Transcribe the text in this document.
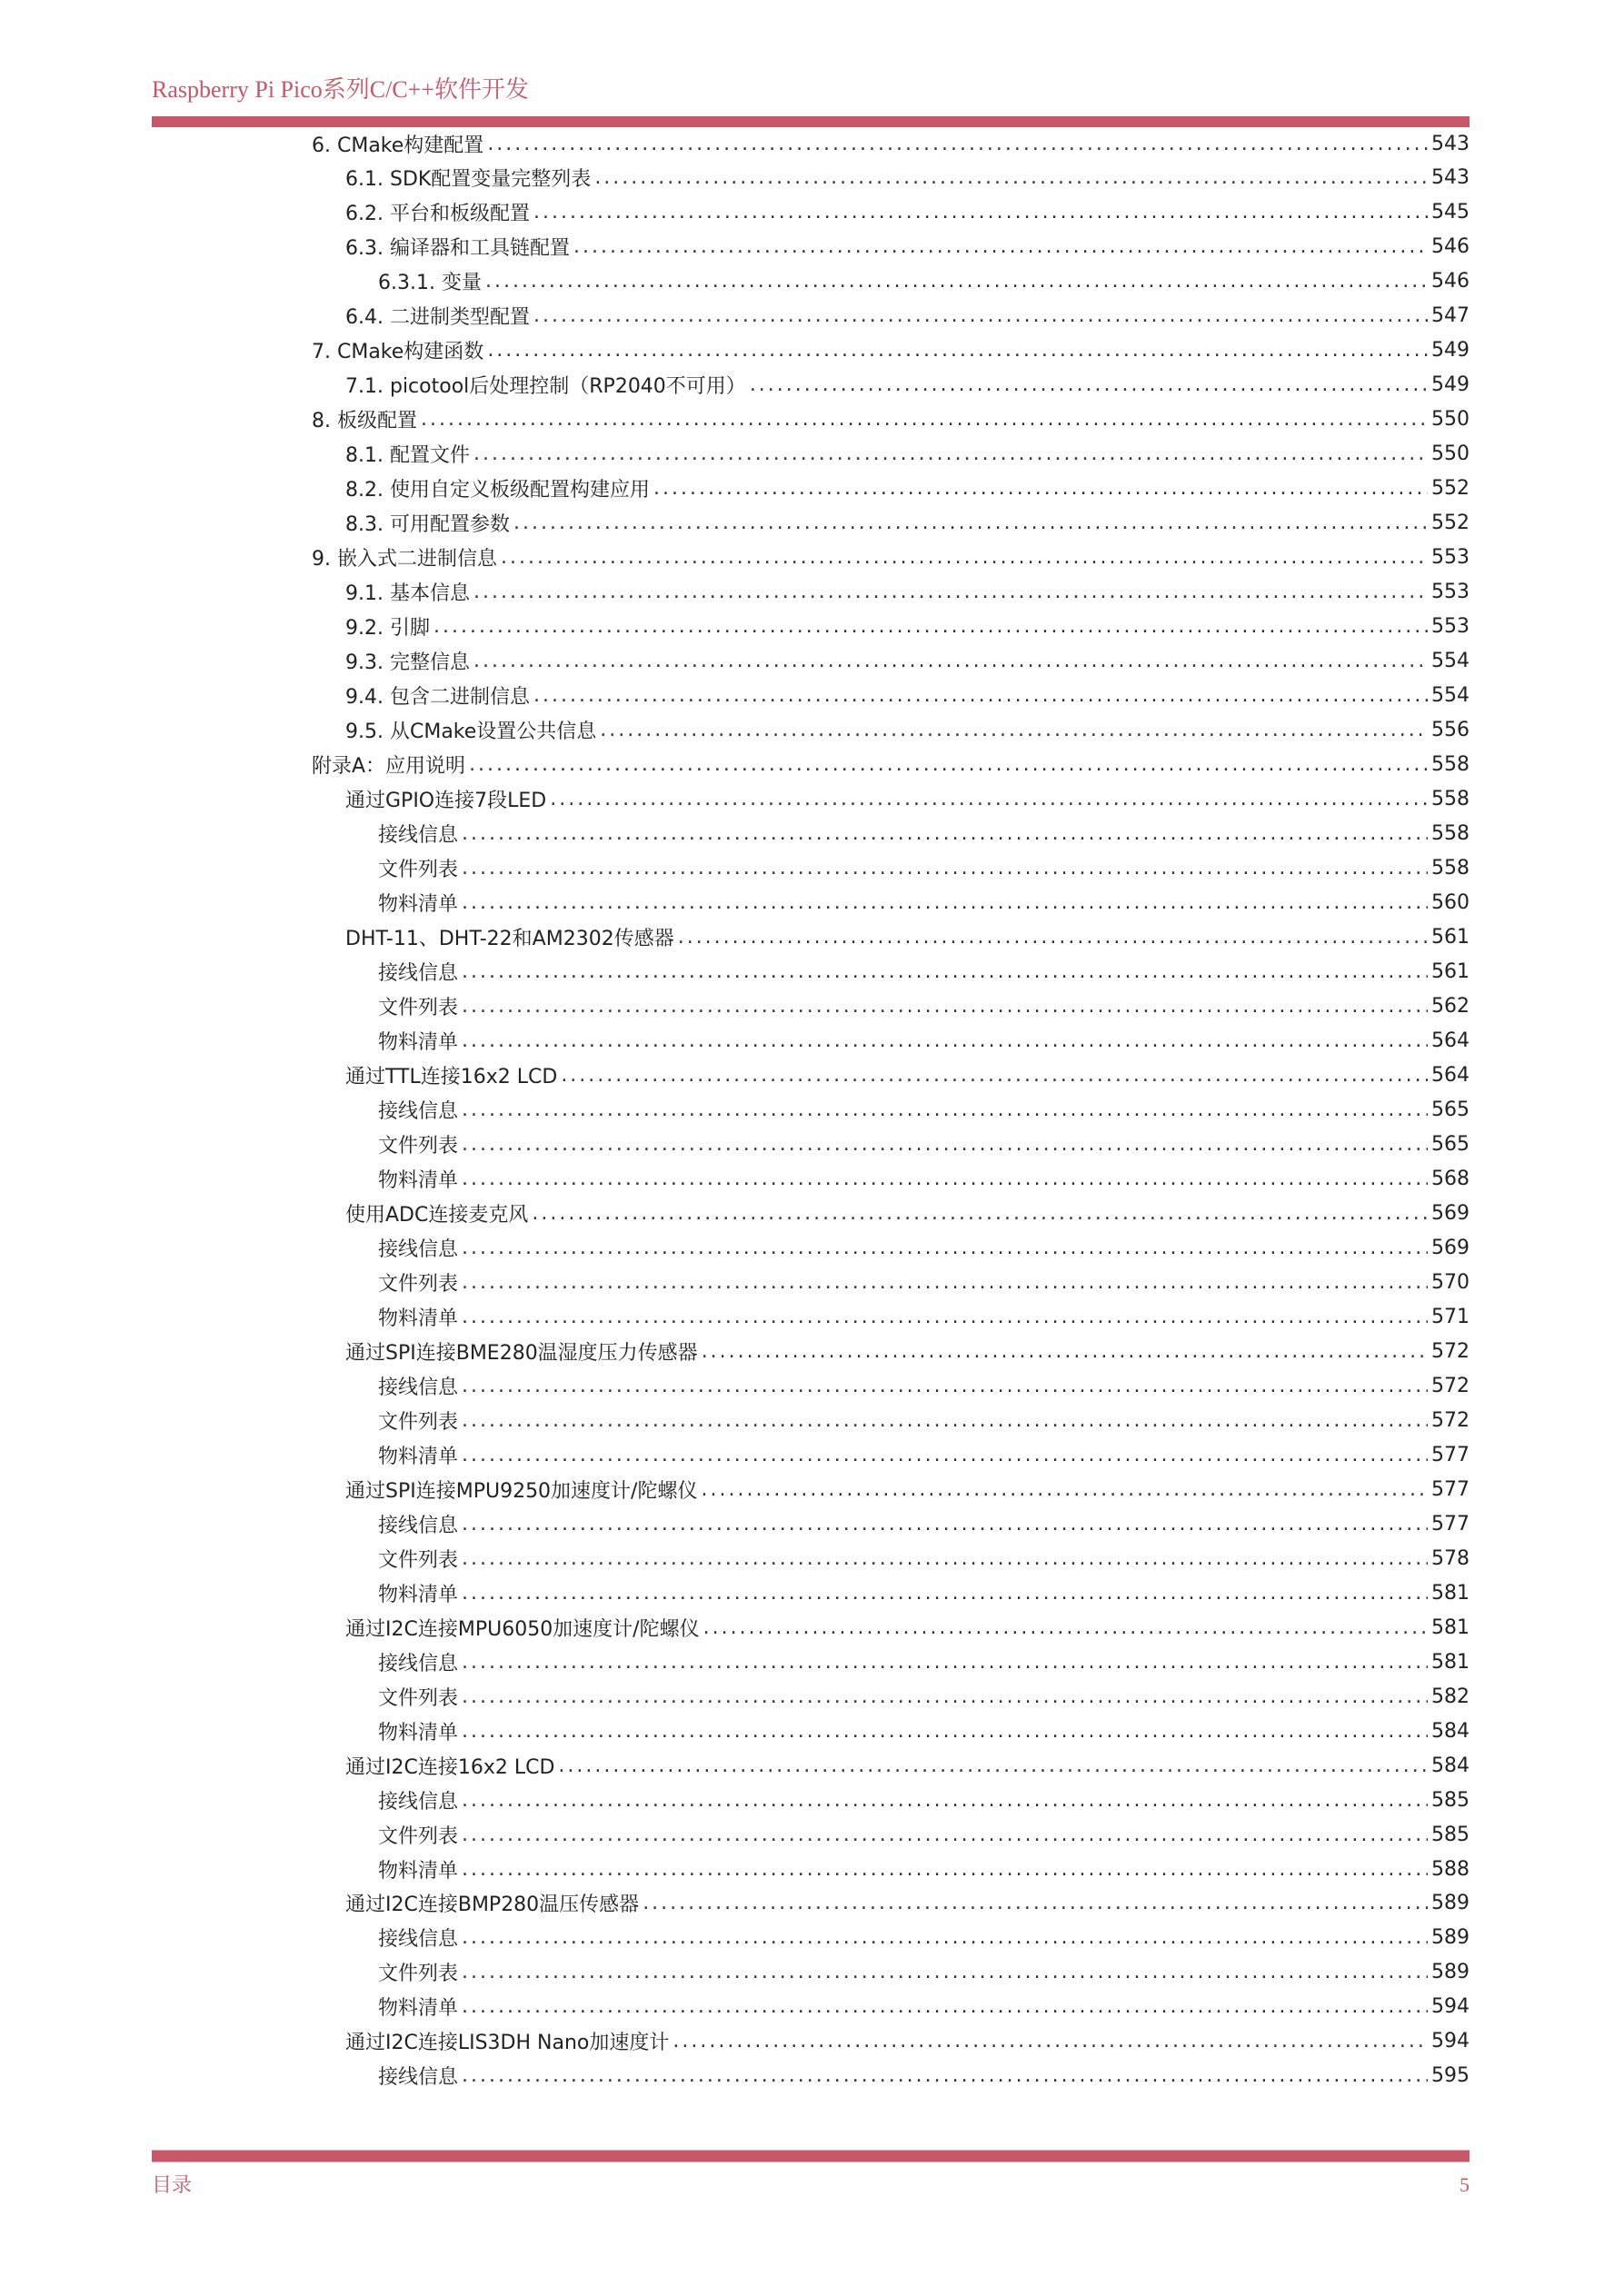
Raspberry Pi Pico系列C/C++软件开发
6. CMake构建配置 .....	543
6.1. SDK配置变量完整列表 .....	543
6.2. 平台和板级配置 .....	545
6.3. 编译器和工具链配置 .....	546
6.3.1. 变量 .....	546
6.4. 二进制类型配置 .....	547
7. CMake构建函数 .....	549
7.1. picotool后处理控制（RP2040不可用） .....	549
8. 板级配置 .....	550
8.1. 配置文件 .....	550
8.2. 使用自定义板级配置构建应用 .....	552
8.3. 可用配置参数 .....	552
9. 嵌入式二进制信息 .....	553
9.1. 基本信息 .....	553
9.2. 引脚 .....	553
9.3. 完整信息 .....	554
9.4. 包含二进制信息 .....	554
9.5. 从CMake设置公共信息 .....	556
附录A：应用说明 .....	558
通过GPIO连接7段LED .....	558
接线信息 .....	558
文件列表 .....	558
物料清单 .....	560
DHT-11、DHT-22和AM2302传感器 .....	561
接线信息 .....	561
文件列表 .....	562
物料清单 .....	564
通过TTL连接16x2 LCD .....	564
接线信息 .....	565
文件列表 .....	565
物料清单 .....	568
使用ADC连接麦克风 .....	569
接线信息 .....	569
文件列表 .....	570
物料清单 .....	571
通过SPI连接BME280温湿度压力传感器 .....	572
接线信息 .....	572
文件列表 .....	572
物料清单 .....	577
通过SPI连接MPU9250加速度计/陀螺仪 .....	577
接线信息 .....	577
文件列表 .....	578
物料清单 .....	581
通过I2C连接MPU6050加速度计/陀螺仪 .....	581
接线信息 .....	581
文件列表 .....	582
物料清单 .....	584
通过I2C连接16x2 LCD .....	584
接线信息 .....	585
文件列表 .....	585
物料清单 .....	588
通过I2C连接BMP280温压传感器 .....	589
接线信息 .....	589
文件列表 .....	589
物料清单 .....	594
通过I2C连接LIS3DH Nano加速度计 .....	594
接线信息 .....	595
目录	5
